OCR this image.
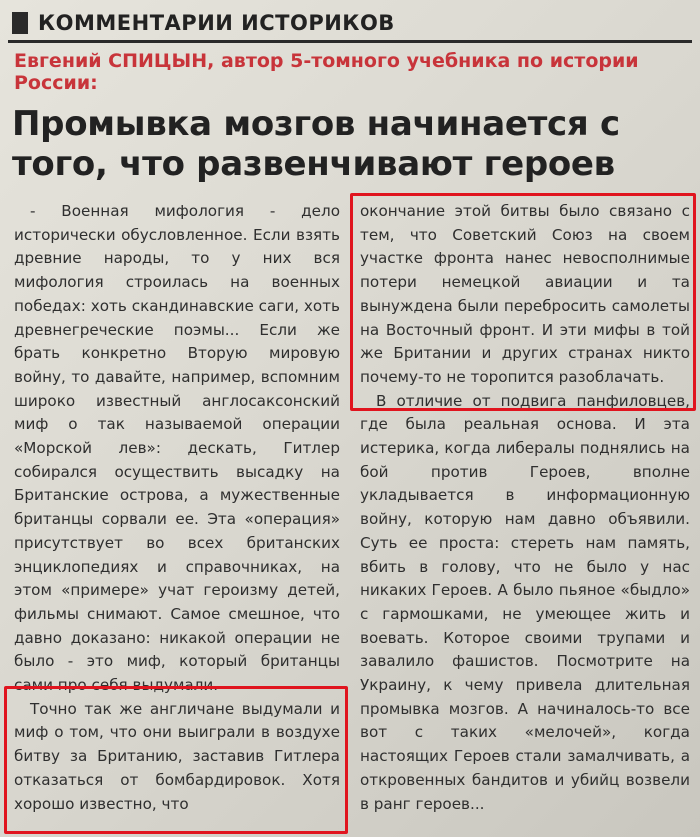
КОММЕНТАРИИ ИСТОРИКОВ
Евгений СПИЦЫН, автор 5-томного учебника по истории России:
Промывка мозгов начинается с того, что развенчивают героев

- Военная мифология - дело исторически обусловленное. Если взять древние народы, то у них вся мифология строилась на военных победах: хоть скандинавские саги, хоть древнегреческие поэмы... Если же брать конкретно Вторую мировую войну, то давайте, например, вспомним широко известный англосаксонский миф о так называемой операции «Морской лев»: дескать, Гитлер собирался осуществить высадку на Британские острова, а мужественные британцы сорвали ее. Эта «операция» присутствует во всех британских энциклопедиях и справочниках, на этом «примере» учат героизму детей, фильмы снимают. Самое смешное, что давно доказано: никакой операции не было - это миф, который британцы сами про себя выдумали.

Точно так же англичане выдумали и миф о том, что они выиграли в воздухе битву за Британию, заставив Гитлера отказаться от бомбардировок. Хотя хорошо известно, что

окончание этой битвы было связано с тем, что Советский Союз на своем участке фронта нанес невосполнимые потери немецкой авиации и та вынуждена были перебросить самолеты на Восточный фронт. И эти мифы в той же Британии и других странах никто почему-то не торопится разоблачать.

В отличие от подвига панфиловцев, где была реальная основа. И эта истерика, когда либералы поднялись на бой против Героев, вполне укладывается в информационную войну, которую нам давно объявили. Суть ее проста: стереть нам память, вбить в голову, что не было у нас никаких Героев. А было пьяное «быдло» с гармошками, не умеющее жить и воевать. Которое своими трупами и завалило фашистов. Посмотрите на Украину, к чему привела длительная промывка мозгов. А начиналось-то все вот с таких «мелочей», когда настоящих Героев стали замалчивать, а откровенных бандитов и убийц возвели в ранг героев...
